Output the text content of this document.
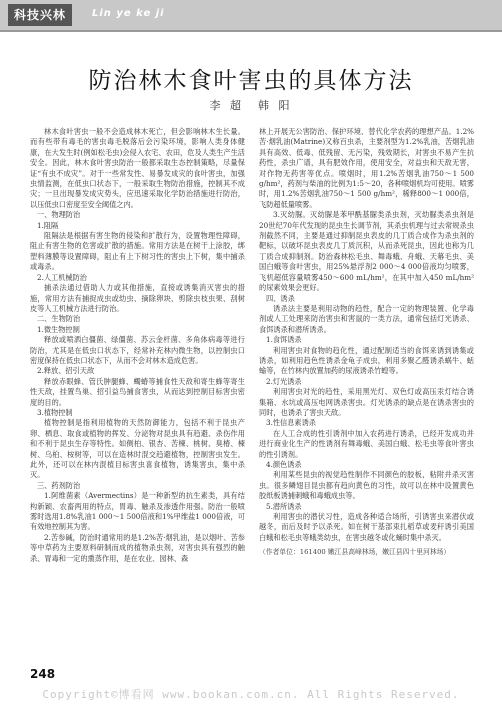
科技兴林	Lin ye ke ji
防治林木食叶害虫的具体方法
李 超　韩 阳

林木食叶害虫一般不会造成林木死亡，但会影响林木生长量。而有些带有毒毛的害虫毒毛脱落后会污染环境，影响人类身体健康，在大发生时(例如松毛虫)会侵入农宅、农田，危及人类生产生活安全。因此，林木食叶害虫防治一般都采取生态控制策略，尽量保证“有虫不成灾”。对于一些常发性、易暴发成灾的食叶害虫，加强虫情监测，在低虫口状态下，一般采取生物防治措施，控制其不成灾；一旦出现暴发成灾势头，应迅速采取化学防治措施进行防治，以压低虫口密度至安全阈值之内。

一、物理防治
1.阻隔

阻隔法是根据有害生物的侵染和扩散行为，设置物理性障碍，阻止有害生物的危害或扩散的措施。常用方法是在树干上涂胶，绑塑料薄膜等设置障碍，阻止有上下树习性的害虫上下树，集中捕杀或毒杀。

2.人工机械防治

捕杀法通过借助人力或其他措施，直接或诱集消灭害虫的措施，常用方法有捕捉成虫或幼虫、摘除卵块、剪除虫枝虫果、刮树皮等人工机械方法进行防治。

二、生物防治
1.微生物控制

释放或喷洒白僵菌、绿僵菌、苏云金杆菌、多角体病毒等进行防治，尤其是在低虫口状态下，经常补充林内微生物，以控制虫口密度保持在低虫口状态下，从而不会对林木造成危害。

2.释放、招引天敌

释放赤眼蜂、管氏肿腿蜂、蠋蝽等捕食性天敌和寄生蜂等寄生性天敌，挂置鸟巢、招引益鸟捕食害虫，从而达到控制目标害虫密度的目的。

3.植物控制

植物控制是指利用植物的天然防御能力，包括不利于昆虫产卵、栖息、取食或植物的挥发、分泌物对昆虫具有趋避、杀伤作用和不利于昆虫生存等特性。如侧柏、银杏、苦楝、桃树、臭椿、楝树、乌桕、桉树等，可以在造林时混交趋避植物，控制害虫发生。此外，还可以在林内混植目标害虫喜食植物，诱集害虫，集中杀灭。

三、药剂防治

1.阿维菌素（Avermectins）是一种新型的抗生素类，具有结构新颖、农畜两用的特点，胃毒、触杀及渗透作用强。防治一般喷雾时选用1.8%乳油1 000～1 500倍液和1%甲维盐1 000倍液，可有效地控制其为害。

2.苦参碱，防治时通常用的是1.2%苦·烟乳油，是以烟叶、苦参等中草药为主要原料研制而成的植物杀虫剂，对害虫具有强烈的触杀、胃毒和一定的熏蒸作用，是在农业、园林、森

林上开展无公害防治、保护环境、替代化学农药的理想产品。1.2%苦·烟乳油(Matrine)又称百虫杀，主要剂型为1.2%乳油，苦烟乳油具有高效、低毒、低残留、无污染，残效期长，对害虫不易产生抗药性，杀虫广谱，具有肥效作用，使用安全，对益虫和天敌无害，对作物无药害等优点。喷烟时，用1.2%苦烟乳油750～1 500 g/hm²，药剂与柴油的比例为1:5～20，各种喷烟机均可使用。喷雾时，用1.2%苦烟乳油750～1 500 g/hm²，稀释800～1 000倍，飞防超低量喷雾。

3.灭幼脲。灭幼脲是苯甲酰基脲类杀虫剂，灭幼脲类杀虫剂是20世纪70年代发现的昆虫生长调节剂，其杀虫机理与过去常规杀虫剂截然不同，主要是通过抑制昆虫表皮的几丁质合成作为杀虫剂的靶标，以破坏昆虫表皮几丁质沉积，从而杀死昆虫，因此也称为几丁质合成抑制剂。防治森林松毛虫、舞毒蛾、舟蛾、天幕毛虫、美国白蛾等食叶害虫，用25%悬浮剂2 000～4 000倍液均匀喷雾，飞机超低容量喷雾450～600 mL/hm²，在其中加入450 mL/hm²的尿素效果会更好。

四、诱杀

诱杀法主要是利用动物的趋性，配合一定的物理装置、化学毒剂或人工处理来防治害虫和害鼠的一类方法，通常包括灯光诱杀、食饵诱杀和潜所诱杀。

1.食饵诱杀

利用害虫对食物的趋化性，通过配制适当的食饵来诱到诱集或诱杀，如利用趋色性诱杀金龟子成虫，利用多聚乙醛诱杀蜗牛、蛞蝓等，在竹林内放置加药的尿液诱杀竹蝗等。

2.灯光诱杀

利用害虫对光的趋性，采用黑光灯、双色灯或高压汞灯结合诱集箱、水坑或高压电网诱杀害虫。灯光诱杀的缺点是在诱杀害虫的同时，也诱杀了害虫天敌。

3.性信息素诱杀

在人工合成的性引诱剂中加入农药进行诱杀，已经开发成功并进行商业化生产的性诱剂有舞毒蛾、美国白蛾、松毛虫等食叶害虫的性引诱剂。

4.颜色诱杀

利用某些昆虫的视觉趋性制作不同颜色的胶板，粘附并杀灭害虫。很多鳞翅目昆虫都有趋向黄色的习性，故可以在林中设置黄色胶纸板诱捕刺蛾和毒蛾成虫等。

5.潜所诱杀

利用害虫的潜伏习性，造成各种适合场所，引诱害虫来潜伏或越冬，而后及时予以杀死。如在树干基部束扎稻草或麦秆诱引美国白蛾和松毛虫等蛾类幼虫，在害虫越冬或化蛹时集中杀灭。

（作者单位：161400 嫩江县高峰林场，嫩江县四十里河林场）

248
Copyright©博看网 www.bookan.com.cn. All Rights Reserved.
